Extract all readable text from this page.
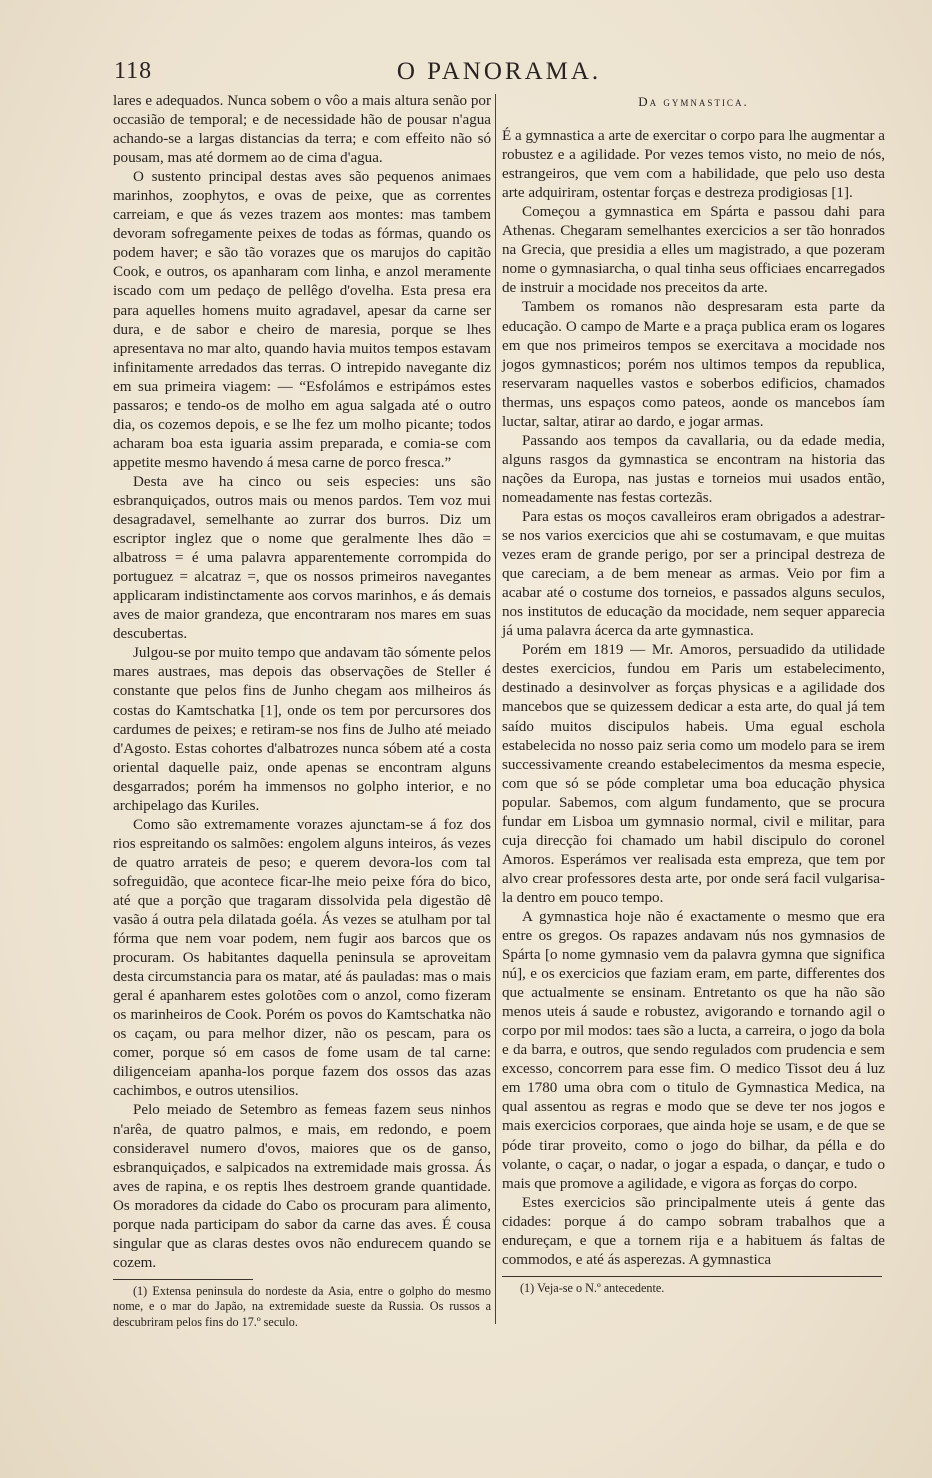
118	O PANORAMA.

lares e adequados. Nunca sobem o vôo a mais altura senão por occasião de temporal; e de necessidade hão de pousar n'agua achando-se a largas distancias da terra; e com effeito não só pousam, mas até dormem ao de cima d'agua.

O sustento principal destas aves são pequenos animaes marinhos, zoophytos, e ovas de peixe, que as correntes carreiam, e que ás vezes trazem aos montes: mas tambem devoram sofregamente peixes de todas as fórmas, quando os podem haver; e são tão vorazes que os marujos do capitão Cook, e outros, os apanharam com linha, e anzol meramente iscado com um pedaço de pellêgo d'ovelha. Esta presa era para aquelles homens muito agradavel, apesar da carne ser dura, e de sabor e cheiro de maresia, porque se lhes apresentava no mar alto, quando havia muitos tempos estavam infinitamente arredados das terras. O intrepido navegante diz em sua primeira viagem: — “Esfolámos e estripámos estes passaros; e tendo-os de molho em agua salgada até o outro dia, os cozemos depois, e se lhe fez um molho picante; todos acharam boa esta iguaria assim preparada, e comia-se com appetite mesmo havendo á mesa carne de porco fresca.”

Desta ave ha cinco ou seis especies: uns são esbranquiçados, outros mais ou menos pardos. Tem voz mui desagradavel, semelhante ao zurrar dos burros. Diz um escriptor inglez que o nome que geralmente lhes dão = albatross = é uma palavra apparentemente corrompida do portuguez = alcatraz =, que os nossos primeiros navegantes applicaram indistinctamente aos corvos marinhos, e ás demais aves de maior grandeza, que encontraram nos mares em suas descubertas.

Julgou-se por muito tempo que andavam tão sómente pelos mares austraes, mas depois das observações de Steller é constante que pelos fins de Junho chegam aos milheiros ás costas do Kamtschatka [1], onde os tem por percursores dos cardumes de peixes; e retiram-se nos fins de Julho até meiado d'Agosto. Estas cohortes d'albatrozes nunca sóbem até a costa oriental daquelle paiz, onde apenas se encontram alguns desgarrados; porém ha immensos no golpho interior, e no archipelago das Kuriles.

Como são extremamente vorazes ajunctam-se á foz dos rios espreitando os salmões: engolem alguns inteiros, ás vezes de quatro arrateis de peso; e querem devora-los com tal sofreguidão, que acontece ficar-lhe meio peixe fóra do bico, até que a porção que tragaram dissolvida pela digestão dê vasão á outra pela dilatada goéla. Ás vezes se atulham por tal fórma que nem voar podem, nem fugir aos barcos que os procuram. Os habitantes daquella peninsula se aproveitam desta circumstancia para os matar, até ás pauladas: mas o mais geral é apanharem estes golotões com o anzol, como fizeram os marinheiros de Cook. Porém os povos do Kamtschatka não os caçam, ou para melhor dizer, não os pescam, para os comer, porque só em casos de fome usam de tal carne: diligenceiam apanha-los porque fazem dos ossos das azas cachimbos, e outros utensilios.

Pelo meiado de Setembro as femeas fazem seus ninhos n'arêa, de quatro palmos, e mais, em redondo, e poem consideravel numero d'ovos, maiores que os de ganso, esbranquiçados, e salpicados na extremidade mais grossa. Ás aves de rapina, e os reptis lhes destroem grande quantidade. Os moradores da cidade do Cabo os procuram para alimento, porque nada participam do sabor da carne das aves. É cousa singular que as claras destes ovos não endurecem quando se cozem.

(1) Extensa peninsula do nordeste da Asia, entre o golpho do mesmo nome, e o mar do Japão, na extremidade sueste da Russia. Os russos a descubriram pelos fins do 17.º seculo.
Da gymnastica.

É a gymnastica a arte de exercitar o corpo para lhe augmentar a robustez e a agilidade. Por vezes temos visto, no meio de nós, estrangeiros, que vem com a habilidade, que pelo uso desta arte adquiriram, ostentar forças e destreza prodigiosas [1].

Começou a gymnastica em Spárta e passou dahi para Athenas. Chegaram semelhantes exercicios a ser tão honrados na Grecia, que presidia a elles um magistrado, a que pozeram nome o gymnasiarcha, o qual tinha seus officiaes encarregados de instruir a mocidade nos preceitos da arte.

Tambem os romanos não despresaram esta parte da educação. O campo de Marte e a praça publica eram os logares em que nos primeiros tempos se exercitava a mocidade nos jogos gymnasticos; porém nos ultimos tempos da republica, reservaram naquelles vastos e soberbos edificios, chamados thermas, uns espaços como pateos, aonde os mancebos íam luctar, saltar, atirar ao dardo, e jogar armas.

Passando aos tempos da cavallaria, ou da edade media, alguns rasgos da gymnastica se encontram na historia das nações da Europa, nas justas e torneios mui usados então, nomeadamente nas festas cortezãs.

Para estas os moços cavalleiros eram obrigados a adestrar-se nos varios exercicios que ahi se costumavam, e que muitas vezes eram de grande perigo, por ser a principal destreza de que careciam, a de bem menear as armas. Veio por fim a acabar até o costume dos torneios, e passados alguns seculos, nos institutos de educação da mocidade, nem sequer apparecia já uma palavra ácerca da arte gymnastica.

Porém em 1819 — Mr. Amoros, persuadido da utilidade destes exercicios, fundou em Paris um estabelecimento, destinado a desinvolver as forças physicas e a agilidade dos mancebos que se quizessem dedicar a esta arte, do qual já tem saído muitos discipulos habeis. Uma egual eschola estabelecida no nosso paiz seria como um modelo para se irem successivamente creando estabelecimentos da mesma especie, com que só se póde completar uma boa educação physica popular. Sabemos, com algum fundamento, que se procura fundar em Lisboa um gymnasio normal, civil e militar, para cuja direcção foi chamado um habil discipulo do coronel Amoros. Esperámos ver realisada esta empreza, que tem por alvo crear professores desta arte, por onde será facil vulgarisa-la dentro em pouco tempo.

A gymnastica hoje não é exactamente o mesmo que era entre os gregos. Os rapazes andavam nús nos gymnasios de Spárta [o nome gymnasio vem da palavra gymna que significa nú], e os exercicios que faziam eram, em parte, differentes dos que actualmente se ensinam. Entretanto os que ha não são menos uteis á saude e robustez, avigorando e tornando agil o corpo por mil modos: taes são a lucta, a carreira, o jogo da bola e da barra, e outros, que sendo regulados com prudencia e sem excesso, concorrem para esse fim. O medico Tissot deu á luz em 1780 uma obra com o titulo de Gymnastica Medica, na qual assentou as regras e modo que se deve ter nos jogos e mais exercicios corporaes, que ainda hoje se usam, e de que se póde tirar proveito, como o jogo do bilhar, da pélla e do volante, o caçar, o nadar, o jogar a espada, o dançar, e tudo o mais que promove a agilidade, e vigora as forças do corpo.

Estes exercicios são principalmente uteis á gente das cidades: porque á do campo sobram trabalhos que a endureçam, e que a tornem rija e a habituem ás faltas de commodos, e até ás asperezas. A gymnastica

(1) Veja-se o N.º antecedente.
